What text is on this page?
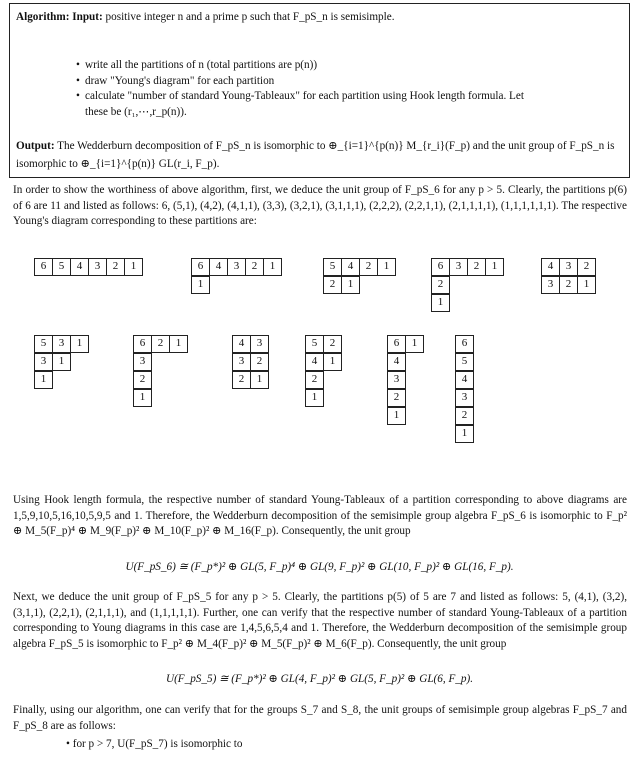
Algorithm: Input: positive integer n and a prime p such that F_pS_n is semisimple.
• write all the partitions of n (total partitions are p(n))
• draw "Young's diagram" for each partition
• calculate "number of standard Young-Tableaux" for each partition using Hook length formula. Let these be (r₁,⋯,r_p(n)).
Output: The Wedderburn decomposition of F_pS_n is isomorphic to ⊕_{i=1}^{p(n)} M_{r_i}(F_p) and the unit group of F_pS_n is isomorphic to ⊕_{i=1}^{p(n)} GL(r_i, F_p).
In order to show the worthiness of above algorithm, first, we deduce the unit group of F_pS_6 for any p > 5. Clearly, the partitions p(6) of 6 are 11 and listed as follows: 6, (5,1), (4,2), (4,1,1), (3,3), (3,2,1), (3,1,1,1), (2,2,2), (2,2,1,1), (2,1,1,1,1), (1,1,1,1,1,1). The respective Young's diagram corresponding to these partitions are:
6	5	4	3	2	1	6	4	3	2	1
1
5	4	2	1
2	1
6	3	2	1
2
1
4	3	2
3	2	1
5	3	1
3	1
1
6	2	1
3
2
1
4	3
3	2
2	1
5	2
4	1
2
1
6	1
4
3
2
1
6
5
4
3
2
1
Using Hook length formula, the respective number of standard Young-Tableaux of a partition corresponding to above diagrams are 1,5,9,10,5,16,10,5,9,5 and 1. Therefore, the Wedderburn decomposition of the semisimple group algebra F_pS_6 is isomorphic to F_p² ⊕ M_5(F_p)⁴ ⊕ M_9(F_p)² ⊕ M_10(F_p)² ⊕ M_16(F_p). Consequently, the unit group
U(F_pS_6) ≅ (F_p*)² ⊕ GL(5, F_p)⁴ ⊕ GL(9, F_p)² ⊕ GL(10, F_p)² ⊕ GL(16, F_p).
Next, we deduce the unit group of F_pS_5 for any p > 5. Clearly, the partitions p(5) of 5 are 7 and listed as follows: 5, (4,1), (3,2), (3,1,1), (2,2,1), (2,1,1,1), and (1,1,1,1,1). Further, one can verify that the respective number of standard Young-Tableaux of a partition corresponding to Young diagrams in this case are 1,4,5,6,5,4 and 1. Therefore, the Wedderburn decomposition of the semisimple group algebra F_pS_5 is isomorphic to F_p² ⊕ M_4(F_p)² ⊕ M_5(F_p)² ⊕ M_6(F_p). Consequently, the unit group
U(F_pS_5) ≅ (F_p*)² ⊕ GL(4, F_p)² ⊕ GL(5, F_p)² ⊕ GL(6, F_p).
Finally, using our algorithm, one can verify that for the groups S_7 and S_8, the unit groups of semisimple group algebras F_pS_7 and F_pS_8 are as follows:
• for p > 7, U(F_pS_7) is isomorphic to
